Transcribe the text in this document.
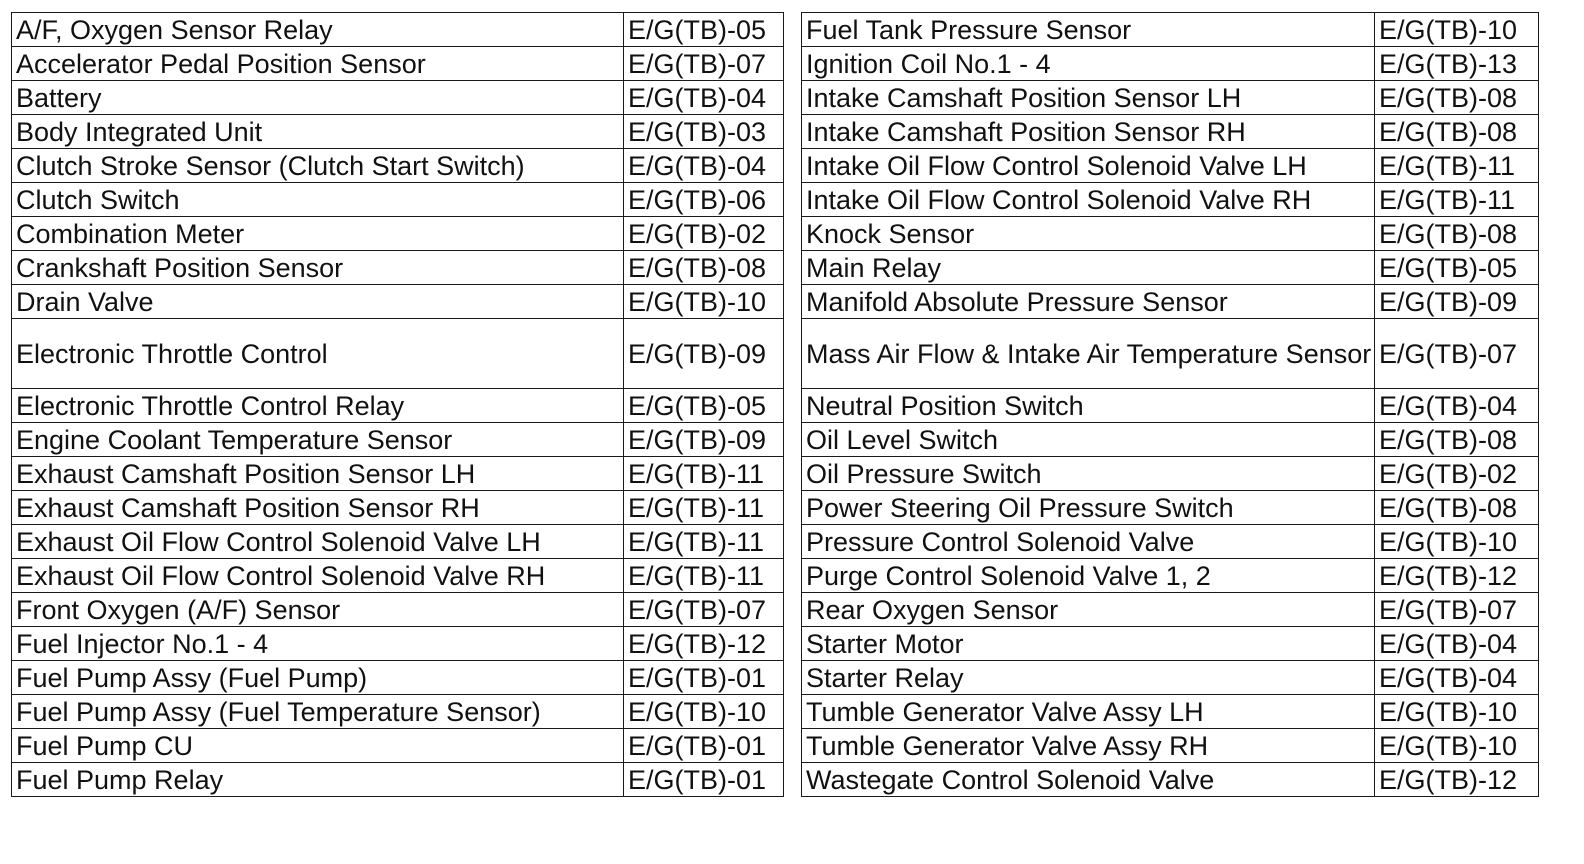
A/F, Oxygen Sensor Relay	E/G(TB)-05
Accelerator Pedal Position Sensor	E/G(TB)-07
Battery	E/G(TB)-04
Body Integrated Unit	E/G(TB)-03
Clutch Stroke Sensor (Clutch Start Switch)	E/G(TB)-04
Clutch Switch	E/G(TB)-06
Combination Meter	E/G(TB)-02
Crankshaft Position Sensor	E/G(TB)-08
Drain Valve	E/G(TB)-10
Electronic Throttle Control	E/G(TB)-09
Electronic Throttle Control Relay	E/G(TB)-05
Engine Coolant Temperature Sensor	E/G(TB)-09
Exhaust Camshaft Position Sensor LH	E/G(TB)-11
Exhaust Camshaft Position Sensor RH	E/G(TB)-11
Exhaust Oil Flow Control Solenoid Valve LH	E/G(TB)-11
Exhaust Oil Flow Control Solenoid Valve RH	E/G(TB)-11
Front Oxygen (A/F) Sensor	E/G(TB)-07
Fuel Injector No.1 - 4	E/G(TB)-12
Fuel Pump Assy (Fuel Pump)	E/G(TB)-01
Fuel Pump Assy (Fuel Temperature Sensor)	E/G(TB)-10
Fuel Pump CU	E/G(TB)-01
Fuel Pump Relay	E/G(TB)-01
Fuel Tank Pressure Sensor	E/G(TB)-10
Ignition Coil No.1 - 4	E/G(TB)-13
Intake Camshaft Position Sensor LH	E/G(TB)-08
Intake Camshaft Position Sensor RH	E/G(TB)-08
Intake Oil Flow Control Solenoid Valve LH	E/G(TB)-11
Intake Oil Flow Control Solenoid Valve RH	E/G(TB)-11
Knock Sensor	E/G(TB)-08
Main Relay	E/G(TB)-05
Manifold Absolute Pressure Sensor	E/G(TB)-09
Mass Air Flow & Intake Air Temperature Sensor	E/G(TB)-07
Neutral Position Switch	E/G(TB)-04
Oil Level Switch	E/G(TB)-08
Oil Pressure Switch	E/G(TB)-02
Power Steering Oil Pressure Switch	E/G(TB)-08
Pressure Control Solenoid Valve	E/G(TB)-10
Purge Control Solenoid Valve 1, 2	E/G(TB)-12
Rear Oxygen Sensor	E/G(TB)-07
Starter Motor	E/G(TB)-04
Starter Relay	E/G(TB)-04
Tumble Generator Valve Assy LH	E/G(TB)-10
Tumble Generator Valve Assy RH	E/G(TB)-10
Wastegate Control Solenoid Valve	E/G(TB)-12
